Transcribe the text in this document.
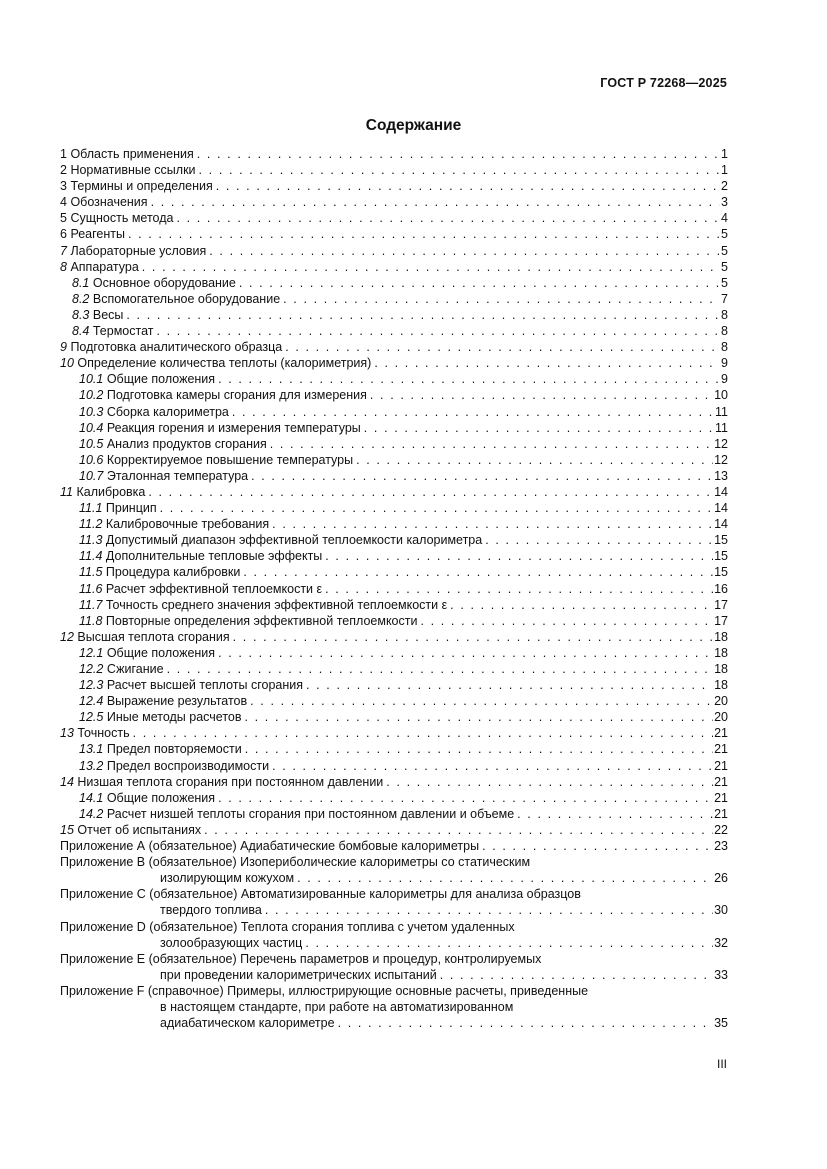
ГОСТ Р 72268—2025
Содержание
1 Область применения . . .	1
2 Нормативные ссылки . . .	1
3 Термины и определения . . .	2
4 Обозначения . . .	3
5 Сущность метода . . .	4
6 Реагенты . . .	5
7 Лабораторные условия . . .	5
8 Аппаратура . . .	5
8.1 Основное оборудование . . .	5
8.2 Вспомогательное оборудование . . .	7
8.3 Весы . . .	8
8.4 Термостат . . .	8
9 Подготовка аналитического образца . . .	8
10 Определение количества теплоты (калориметрия) . . .	9
10.1 Общие положения . . .	9
10.2 Подготовка камеры сгорания для измерения . . .	10
10.3 Сборка калориметра . . .	11
10.4 Реакция горения и измерения температуры . . .	11
10.5 Анализ продуктов сгорания . . .	12
10.6 Корректируемое повышение температуры . . .	12
10.7 Эталонная температура . . .	13
11 Калибровка . . .	14
11.1 Принцип . . .	14
11.2 Калибровочные требования . . .	14
11.3 Допустимый диапазон эффективной теплоемкости калориметра . . .	15
11.4 Дополнительные тепловые эффекты . . .	15
11.5 Процедура калибровки . . .	15
11.6 Расчет эффективной теплоемкости ε . . .	16
11.7 Точность среднего значения эффективной теплоемкости ε . . .	17
11.8 Повторные определения эффективной теплоемкости . . .	17
12 Высшая теплота сгорания . . .	18
12.1 Общие положения . . .	18
12.2 Сжигание . . .	18
12.3 Расчет высшей теплоты сгорания . . .	18
12.4 Выражение результатов . . .	20
12.5 Иные методы расчетов . . .	20
13 Точность . . .	21
13.1 Предел повторяемости . . .	21
13.2 Предел воспроизводимости . . .	21
14 Низшая теплота сгорания при постоянном давлении . . .	21
14.1 Общие положения . . .	21
14.2 Расчет низшей теплоты сгорания при постоянном давлении и объеме . . .	21
15 Отчет об испытаниях . . .	22
Приложение А (обязательное) Адиабатические бомбовые калориметры . . .	23
Приложение В (обязательное) Изопериболические калориметры со статическим
изолирующим кожухом . . .	26
Приложение С (обязательное) Автоматизированные калориметры для анализа образцов
твердого топлива . . .	30
Приложение D (обязательное) Теплота сгорания топлива с учетом удаленных
золообразующих частиц . . .	32
Приложение Е (обязательное) Перечень параметров и процедур, контролируемых
при проведении калориметрических испытаний . . .	33
Приложение F (справочное) Примеры, иллюстрирующие основные расчеты, приведенные
в настоящем стандарте, при работе на автоматизированном
адиабатическом калориметре . . .	35
III
